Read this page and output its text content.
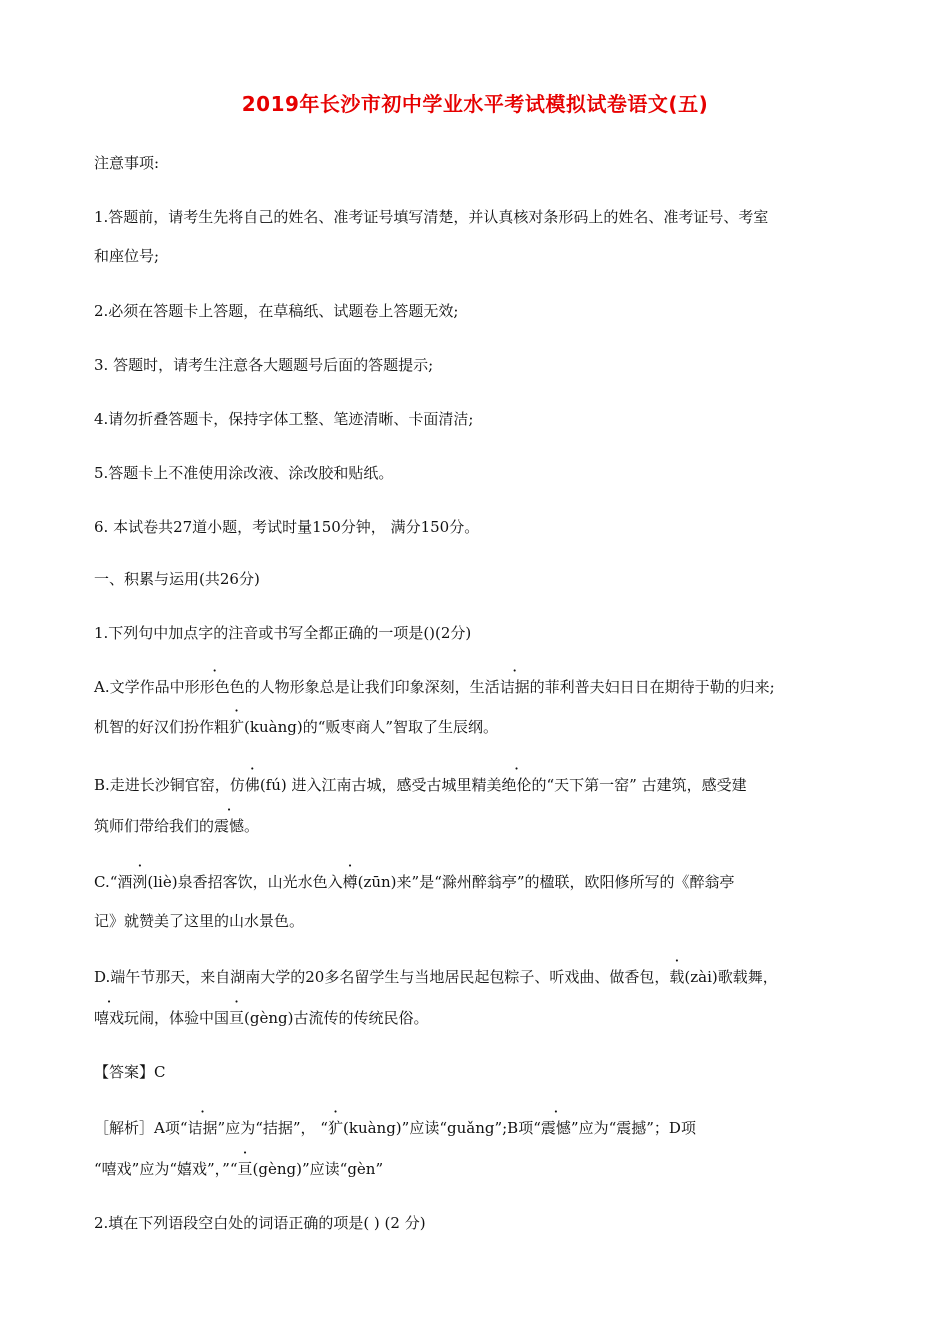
2019年长沙市初中学业水平考试模拟试卷语文(五)
注意事项:
1.答题前，请考生先将自己的姓名、准考证号填写清楚，并认真核对条形码上的姓名、准考证号、考室
和座位号;
2.必须在答题卡上答题，在草稿纸、试题卷上答题无效;
3. 答题时，请考生注意各大题题号后面的答题提示;
4.请勿折叠答题卡，保持字体工整、笔迹清晰、卡面清洁;
5.答题卡上不准使用涂改液、涂改胶和贴纸。
6. 本试卷共27道小题，考试时量150分钟， 满分150分。
一、积累与运用(共26分)
1.下列句中加点字的注音或书写全都正确的一项是()(2分)
A.文学作品中形形色色的人物形象总是让我们印象深刻，生活诘据的菲利普夫妇日日在期待于勒的归来;
机智的好汉们扮作粗犷(kuàng)的“贩枣商人”智取了生辰纲。
B.走进长沙铜官窑，仿佛(fú) 进入江南古城，感受古城里精美绝伦的“天下第一窑” 古建筑，感受建
筑师们带给我们的震憾。
C.“酒洌(liè)泉香招客饮，山光水色入樽(zūn)来”是“滁州醉翁亭”的楹联，欧阳修所写的《醉翁亭
记》就赞美了这里的山水景色。
D.端午节那天，来自湖南大学的20多名留学生与当地居民起包粽子、听戏曲、做香包，载(zài)歌载舞，
嘻戏玩闹，体验中国亘(gèng)古流传的传统民俗。
【答案】C
［解析］A项“诘据”应为“拮据”， “犷(kuàng)”应读“guǎng”;B项“震憾”应为“震撼”；D项
“嘻戏”应为“嬉戏”，”“亘(gèng)”应读“gèn”
2.填在下列语段空白处的词语正确的项是( ) (2 分)
